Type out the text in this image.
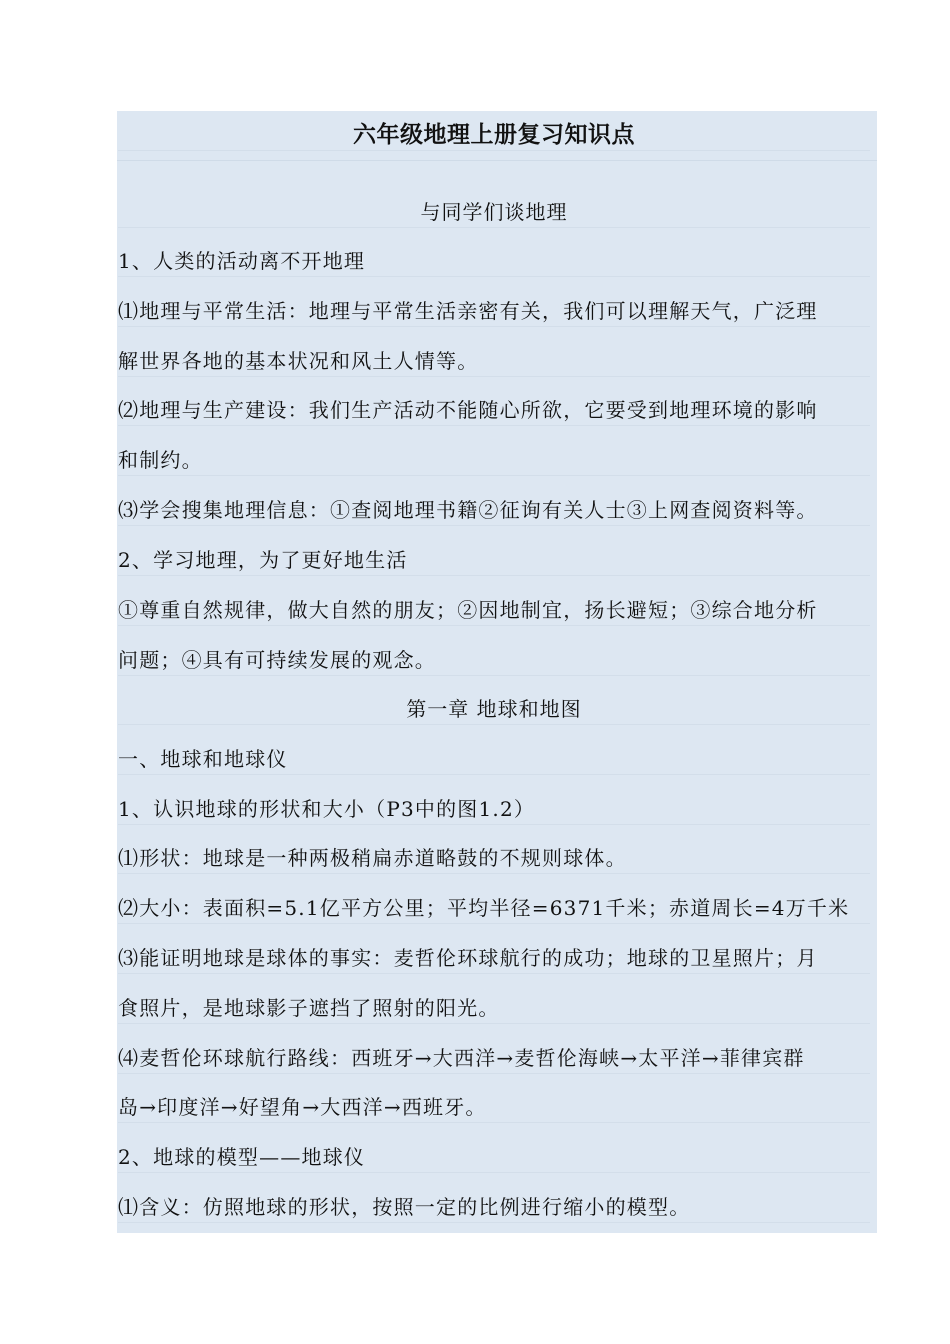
六年级地理上册复习知识点
与同学们谈地理
1、人类的活动离不开地理
⑴地理与平常生活：地理与平常生活亲密有关，我们可以理解天气，广泛理
解世界各地的基本状况和风土人情等。
⑵地理与生产建设：我们生产活动不能随心所欲，它要受到地理环境的影响
和制约。
⑶学会搜集地理信息：①查阅地理书籍②征询有关人士③上网查阅资料等。
2、学习地理，为了更好地生活
①尊重自然规律，做大自然的朋友；②因地制宜，扬长避短；③综合地分析
问题；④具有可持续发展的观念。
第一章 地球和地图
一、地球和地球仪
1、认识地球的形状和大小（P3中的图1.2）
⑴形状：地球是一种两极稍扁赤道略鼓的不规则球体。
⑵大小：表面积=5.1亿平方公里；平均半径=6371千米；赤道周长=4万千米
⑶能证明地球是球体的事实：麦哲伦环球航行的成功；地球的卫星照片；月
食照片，是地球影子遮挡了照射的阳光。
⑷麦哲伦环球航行路线：西班牙→大西洋→麦哲伦海峡→太平洋→菲律宾群
岛→印度洋→好望角→大西洋→西班牙。
2、地球的模型——地球仪
⑴含义：仿照地球的形状，按照一定的比例进行缩小的模型。
